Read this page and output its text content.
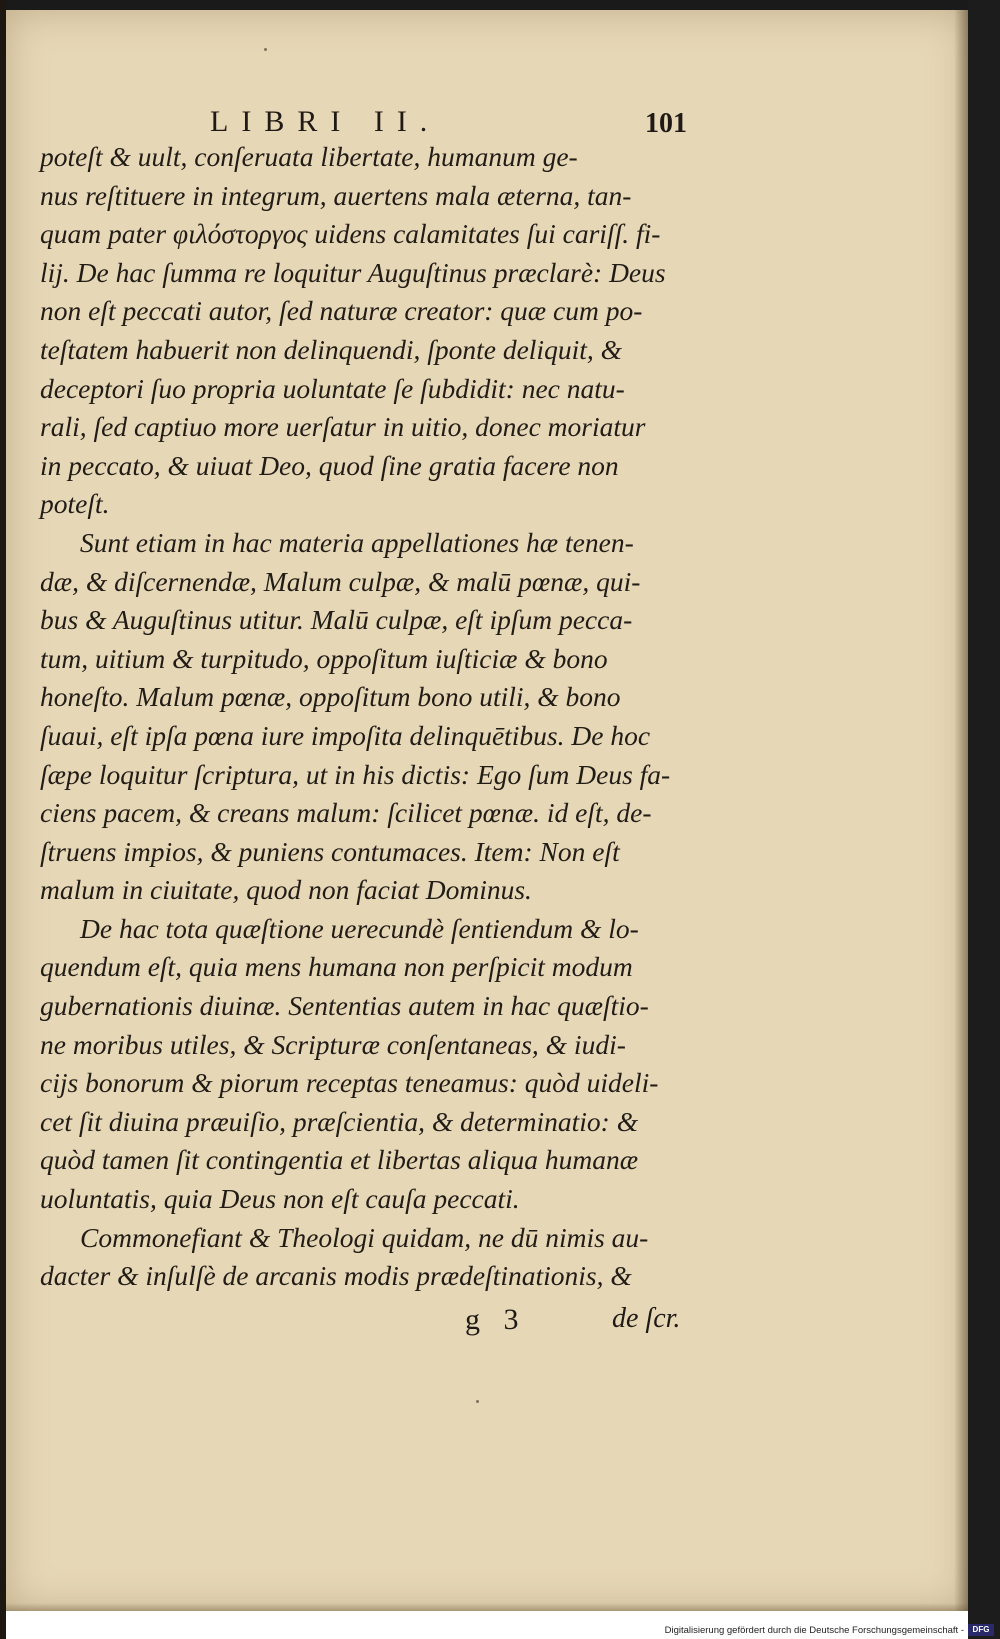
LIBRI II.	101
poteſt & uult, conſeruata libertate, humanum ge-
nus reſtituere in integrum, auertens mala æterna, tan-
quam pater φιλόστοργος uidens calamitates ſui cariſſ. fi-
lij. De hac ſumma re loquitur Auguſtinus præclarè: Deus
non eſt peccati autor, ſed naturæ creator: quæ cum po-
teſtatem habuerit non delinquendi, ſponte deliquit, &
deceptori ſuo propria uoluntate ſe ſubdidit: nec natu-
rali, ſed captiuo more uerſatur in uitio, donec moriatur
in peccato, & uiuat Deo, quod ſine gratia facere non
poteſt.
Sunt etiam in hac materia appellationes hæ tenen-
dæ, & diſcernendæ, Malum culpæ, & malū pœnæ, qui-
bus & Auguſtinus utitur. Malū culpæ, eſt ipſum pecca-
tum, uitium & turpitudo, oppoſitum iuſticiæ & bono
honeſto. Malum pœnæ, oppoſitum bono utili, & bono
ſuaui, eſt ipſa pœna iure impoſita delinquētibus. De hoc
ſæpe loquitur ſcriptura, ut in his dictis: Ego ſum Deus fa-
ciens pacem, & creans malum: ſcilicet pœnæ. id eſt, de-
ſtruens impios, & puniens contumaces. Item: Non eſt
malum in ciuitate, quod non faciat Dominus.
De hac tota quæſtione uerecundè ſentiendum & lo-
quendum eſt, quia mens humana non perſpicit modum
gubernationis diuinæ. Sententias autem in hac quæſtio-
ne moribus utiles, & Scripturæ conſentaneas, & iudi-
cijs bonorum & piorum receptas teneamus: quòd uideli-
cet ſit diuina præuiſio, præſcientia, & determinatio: &
quòd tamen ſit contingentia et libertas aliqua humanæ
uoluntatis, quia Deus non eſt cauſa peccati.
Commonefiant & Theologi quidam, ne dū nimis au-
dacter & inſulſè de arcanis modis prædeſtinationis, &
g 3	de ſcr.
Digitalisierung gefördert durch die Deutsche Forschungsgemeinschaft -	DFG
